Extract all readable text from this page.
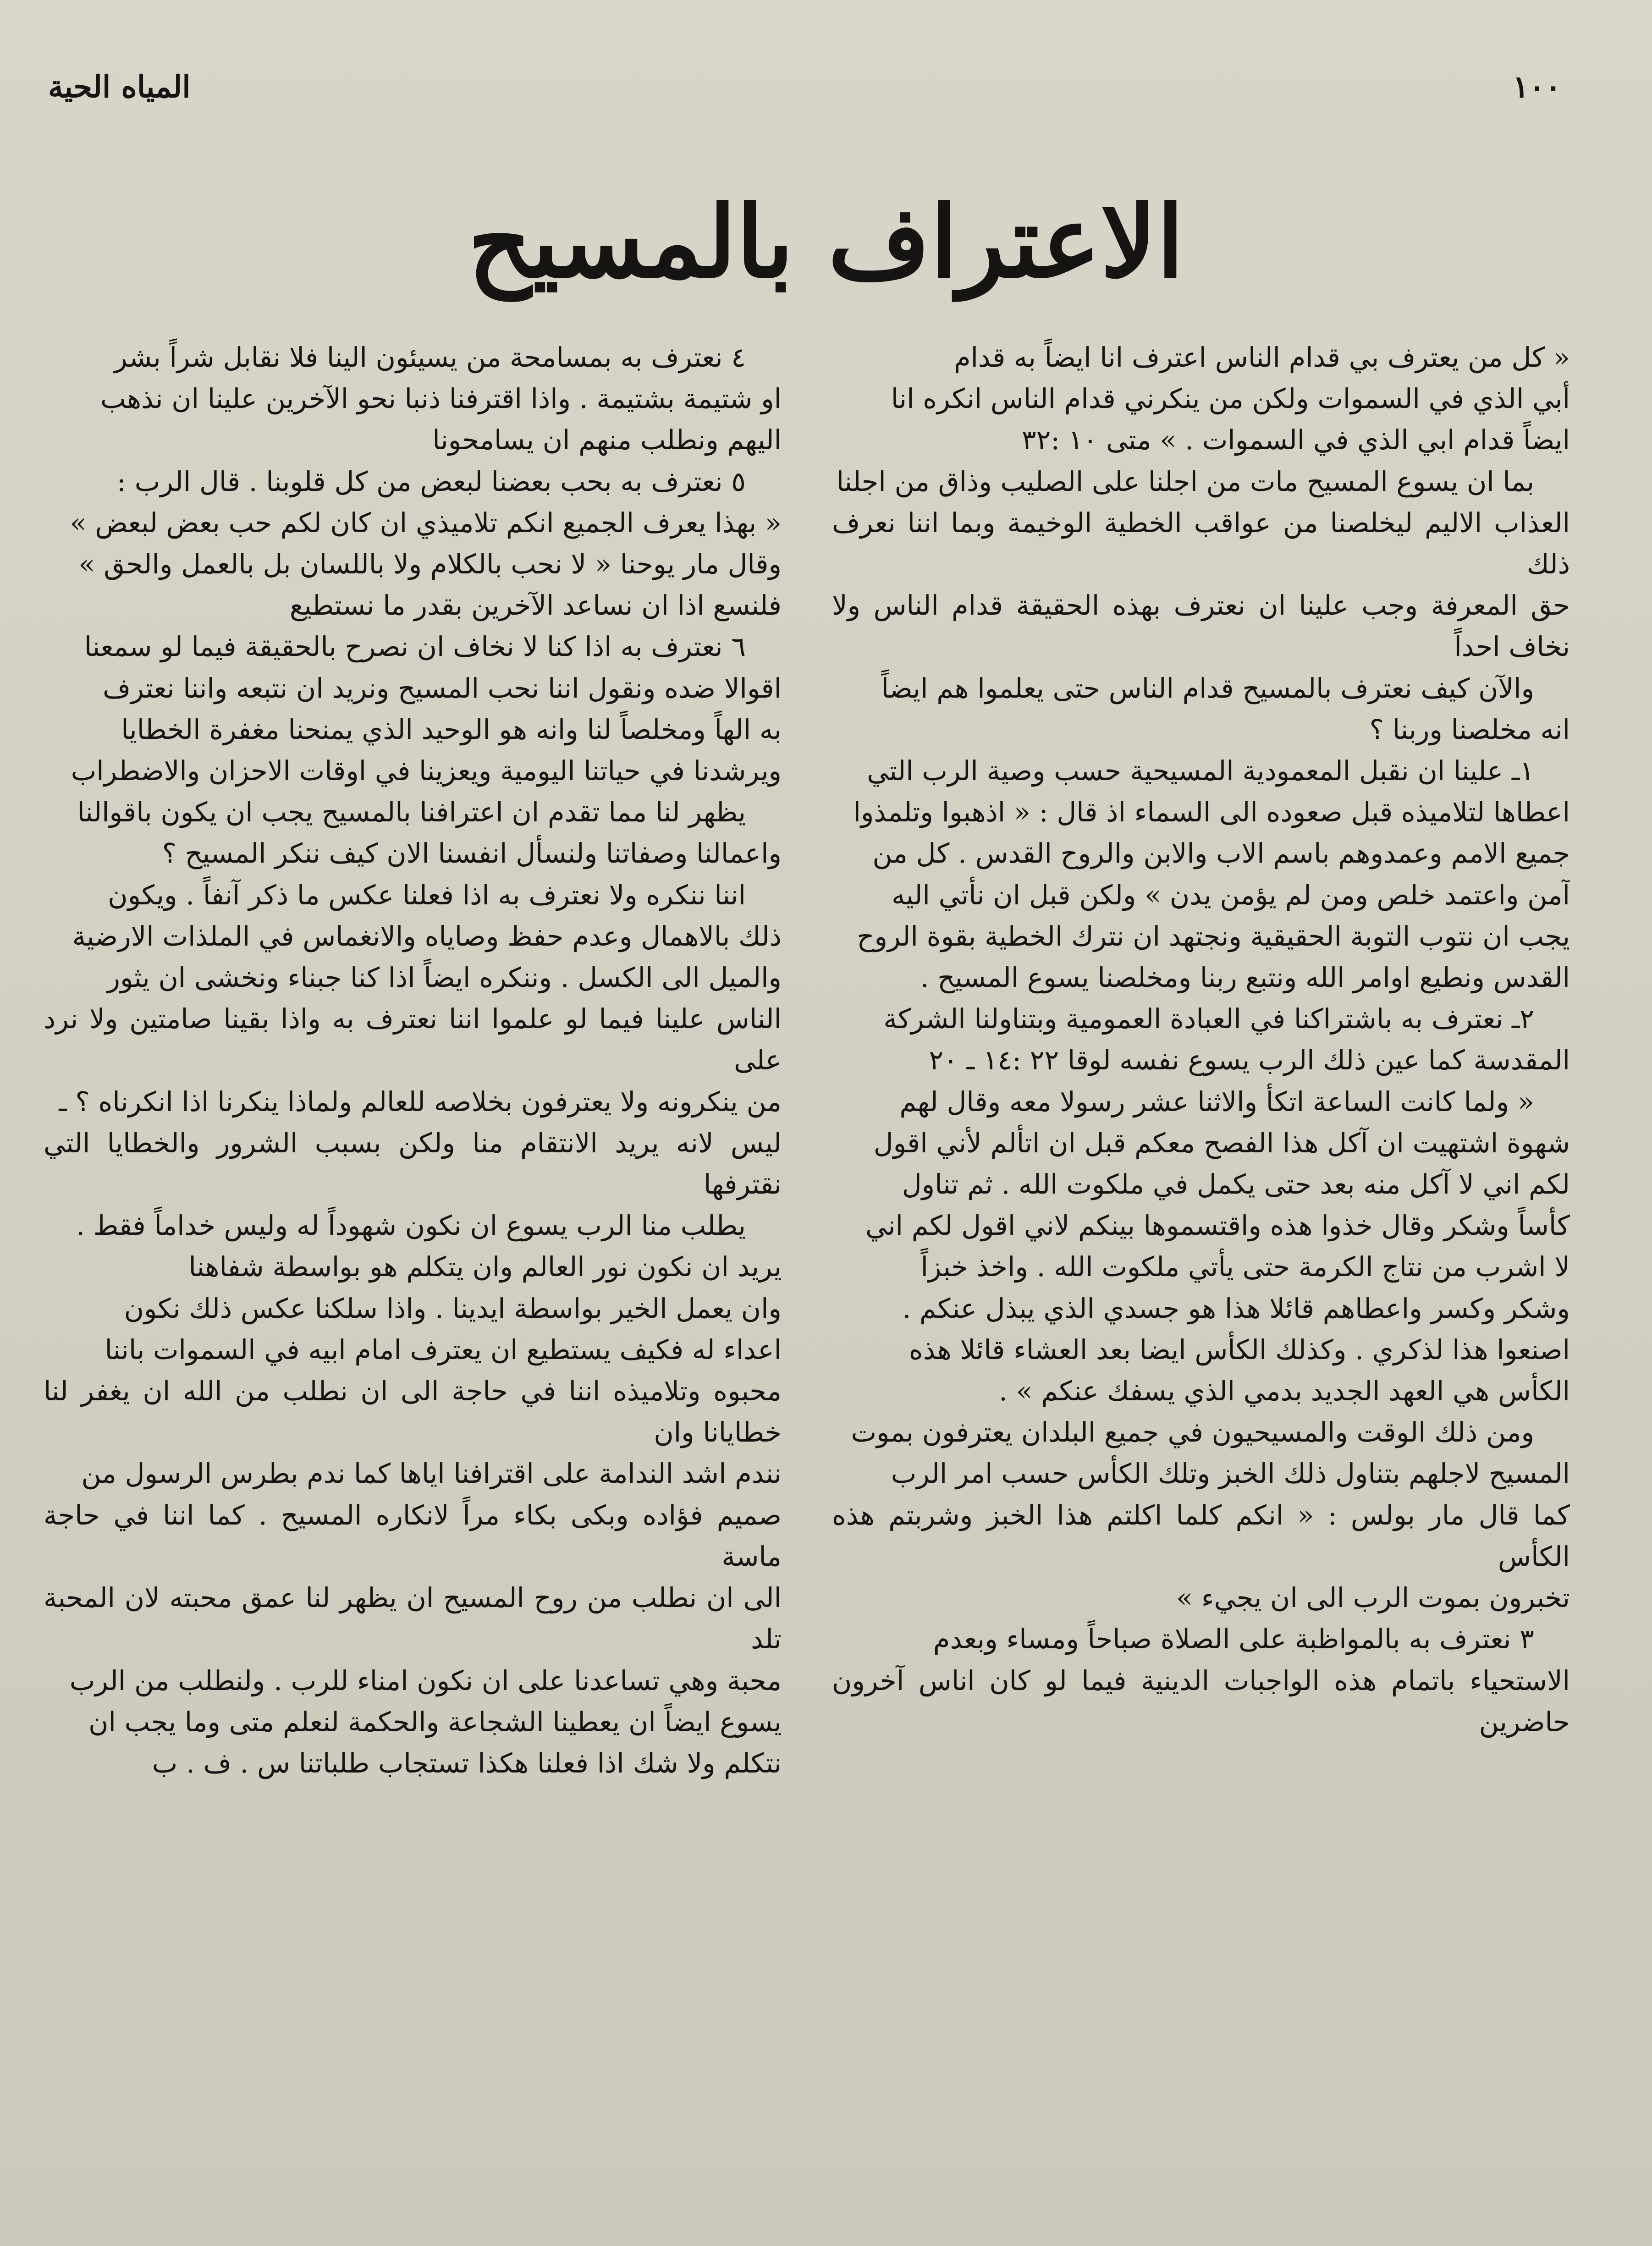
١٠٠
المياه الحية
الاعتراف بالمسيح

« كل من يعترف بي قدام الناس اعترف انا ايضاً به قدام

أبي الذي في السموات ولكن من ينكرني قدام الناس انكره انا

ايضاً قدام ابي الذي في السموات . » متى ١٠ :٣٢

بما ان يسوع المسيح مات من اجلنا على الصليب وذاق من اجلنا

العذاب الاليم ليخلصنا من عواقب الخطية الوخيمة وبما اننا نعرف ذلك

حق المعرفة وجب علينا ان نعترف بهذه الحقيقة قدام الناس ولا نخاف احداً

والآن كيف نعترف بالمسيح قدام الناس حتى يعلموا هم ايضاً

انه مخلصنا وربنا ؟

١ـ علينا ان نقبل المعمودية المسيحية حسب وصية الرب التي

اعطاها لتلاميذه قبل صعوده الى السماء اذ قال : « اذهبوا وتلمذوا

جميع الامم وعمدوهم باسم الاب والابن والروح القدس . كل من

آمن واعتمد خلص ومن لم يؤمن يدن » ولكن قبل ان نأتي اليه

يجب ان نتوب التوبة الحقيقية ونجتهد ان نترك الخطية بقوة الروح

القدس ونطيع اوامر الله ونتبع ربنا ومخلصنا يسوع المسيح .

٢ـ نعترف به باشتراكنا في العبادة العمومية وبتناولنا الشركة

المقدسة كما عين ذلك الرب يسوع نفسه لوقا ٢٢ :١٤ ـ ٢٠

« ولما كانت الساعة اتكأ والاثنا عشر رسولا معه وقال لهم

شهوة اشتهيت ان آكل هذا الفصح معكم قبل ان اتألم لأني اقول

لكم اني لا آكل منه بعد حتى يكمل في ملكوت الله . ثم تناول

كأساً وشكر وقال خذوا هذه واقتسموها بينكم لاني اقول لكم اني

لا اشرب من نتاج الكرمة حتى يأتي ملكوت الله . واخذ خبزاً

وشكر وكسر واعطاهم قائلا هذا هو جسدي الذي يبذل عنكم .

اصنعوا هذا لذكري . وكذلك الكأس ايضا بعد العشاء قائلا هذه

الكأس هي العهد الجديد بدمي الذي يسفك عنكم » .

ومن ذلك الوقت والمسيحيون في جميع البلدان يعترفون بموت

المسيح لاجلهم بتناول ذلك الخبز وتلك الكأس حسب امر الرب

كما قال مار بولس : « انكم كلما اكلتم هذا الخبز وشربتم هذه الكأس

تخبرون بموت الرب الى ان يجيء »

٣ نعترف به بالمواظبة على الصلاة صباحاً ومساء وبعدم

الاستحياء باتمام هذه الواجبات الدينية فيما لو كان اناس آخرون حاضرين

٤ نعترف به بمسامحة من يسيئون الينا فلا نقابل شراً بشر

او شتيمة بشتيمة . واذا اقترفنا ذنبا نحو الآخرين علينا ان نذهب

اليهم ونطلب منهم ان يسامحونا

٥ نعترف به بحب بعضنا لبعض من كل قلوبنا . قال الرب :

« بهذا يعرف الجميع انكم تلاميذي ان كان لكم حب بعض لبعض »

وقال مار يوحنا « لا نحب بالكلام ولا باللسان بل بالعمل والحق »

فلنسع اذا ان نساعد الآخرين بقدر ما نستطيع

٦ نعترف به اذا كنا لا نخاف ان نصرح بالحقيقة فيما لو سمعنا

اقوالا ضده ونقول اننا نحب المسيح ونريد ان نتبعه واننا نعترف

به الهاً ومخلصاً لنا وانه هو الوحيد الذي يمنحنا مغفرة الخطايا

ويرشدنا في حياتنا اليومية ويعزينا في اوقات الاحزان والاضطراب

يظهر لنا مما تقدم ان اعترافنا بالمسيح يجب ان يكون باقوالنا

واعمالنا وصفاتنا ولنسأل انفسنا الان كيف ننكر المسيح ؟

اننا ننكره ولا نعترف به اذا فعلنا عكس ما ذكر آنفاً . ويكون

ذلك بالاهمال وعدم حفظ وصاياه والانغماس في الملذات الارضية

والميل الى الكسل . وننكره ايضاً اذا كنا جبناء ونخشى ان يثور

الناس علينا فيما لو علموا اننا نعترف به واذا بقينا صامتين ولا نرد على

من ينكرونه ولا يعترفون بخلاصه للعالم ولماذا ينكرنا اذا انكرناه ؟ ـ

ليس لانه يريد الانتقام منا ولكن بسبب الشرور والخطايا التي نقترفها

يطلب منا الرب يسوع ان نكون شهوداً له وليس خداماً فقط .

يريد ان نكون نور العالم وان يتكلم هو بواسطة شفاهنا

وان يعمل الخير بواسطة ايدينا . واذا سلكنا عكس ذلك نكون

اعداء له فكيف يستطيع ان يعترف امام ابيه في السموات باننا

محبوه وتلاميذه اننا في حاجة الى ان نطلب من الله ان يغفر لنا خطايانا وان

نندم اشد الندامة على اقترافنا اياها كما ندم بطرس الرسول من

صميم فؤاده وبكى بكاء مراً لانكاره المسيح . كما اننا في حاجة ماسة

الى ان نطلب من روح المسيح ان يظهر لنا عمق محبته لان المحبة تلد

محبة وهي تساعدنا على ان نكون امناء للرب . ولنطلب من الرب

يسوع ايضاً ان يعطينا الشجاعة والحكمة لنعلم متى وما يجب ان

نتكلم ولا شك اذا فعلنا هكذا تستجاب طلباتنا س . ف . ب
